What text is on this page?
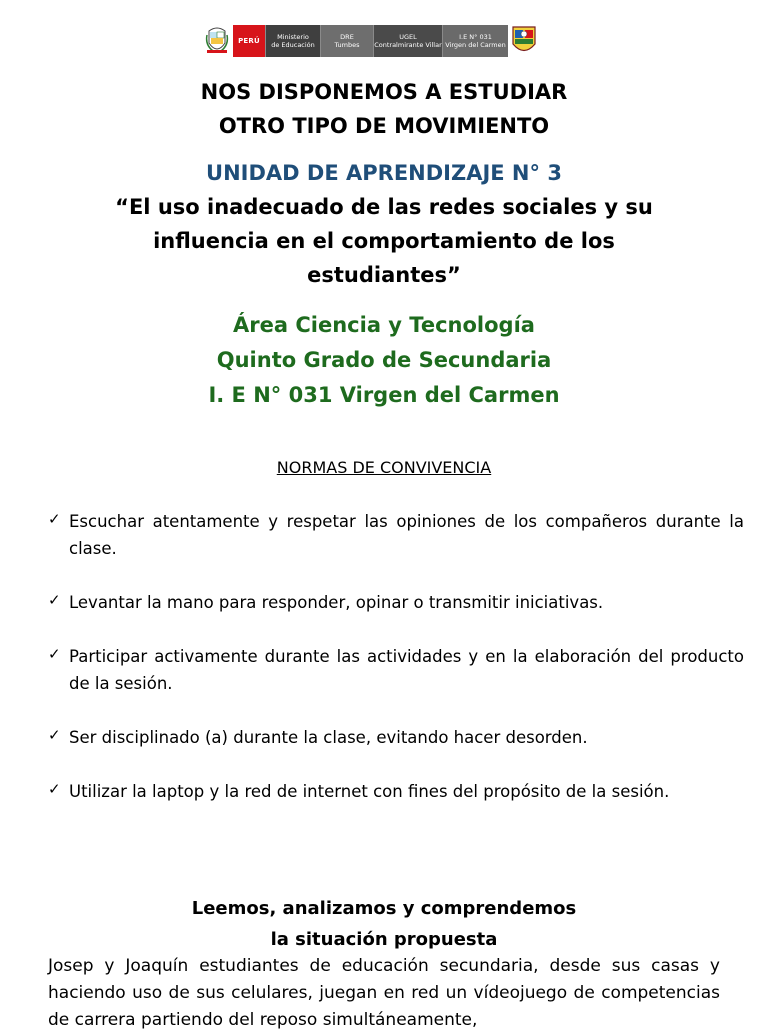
PERÚ	Ministerio
de Educación
DRE
Tumbes
UGEL
Contralmirante Villar
I.E N° 031
Virgen del Carmen
NOS DISPONEMOS A ESTUDIAR
OTRO TIPO DE MOVIMIENTO
UNIDAD DE APRENDIZAJE N° 3
“El uso inadecuado de las redes sociales y su influencia en el comportamiento de los estudiantes”
Área Ciencia y Tecnología
Quinto Grado de Secundaria
I. E N° 031 Virgen del Carmen
NORMAS DE CONVIVENCIA
✓ Escuchar atentamente y respetar las opiniones de los compañeros durante la clase.
✓ Levantar la mano para responder, opinar o transmitir iniciativas.
✓ Participar activamente durante las actividades y en la elaboración del producto de la sesión.
✓ Ser disciplinado (a) durante la clase, evitando hacer desorden.
✓ Utilizar la laptop y la red de internet con fines del propósito de la sesión.
Leemos, analizamos y comprendemos
la situación propuesta

Josep y Joaquín estudiantes de educación secundaria, desde sus casas y haciendo uso de sus celulares, juegan en red un vídeojuego de competencias de carrera partiendo del reposo simultáneamente,
